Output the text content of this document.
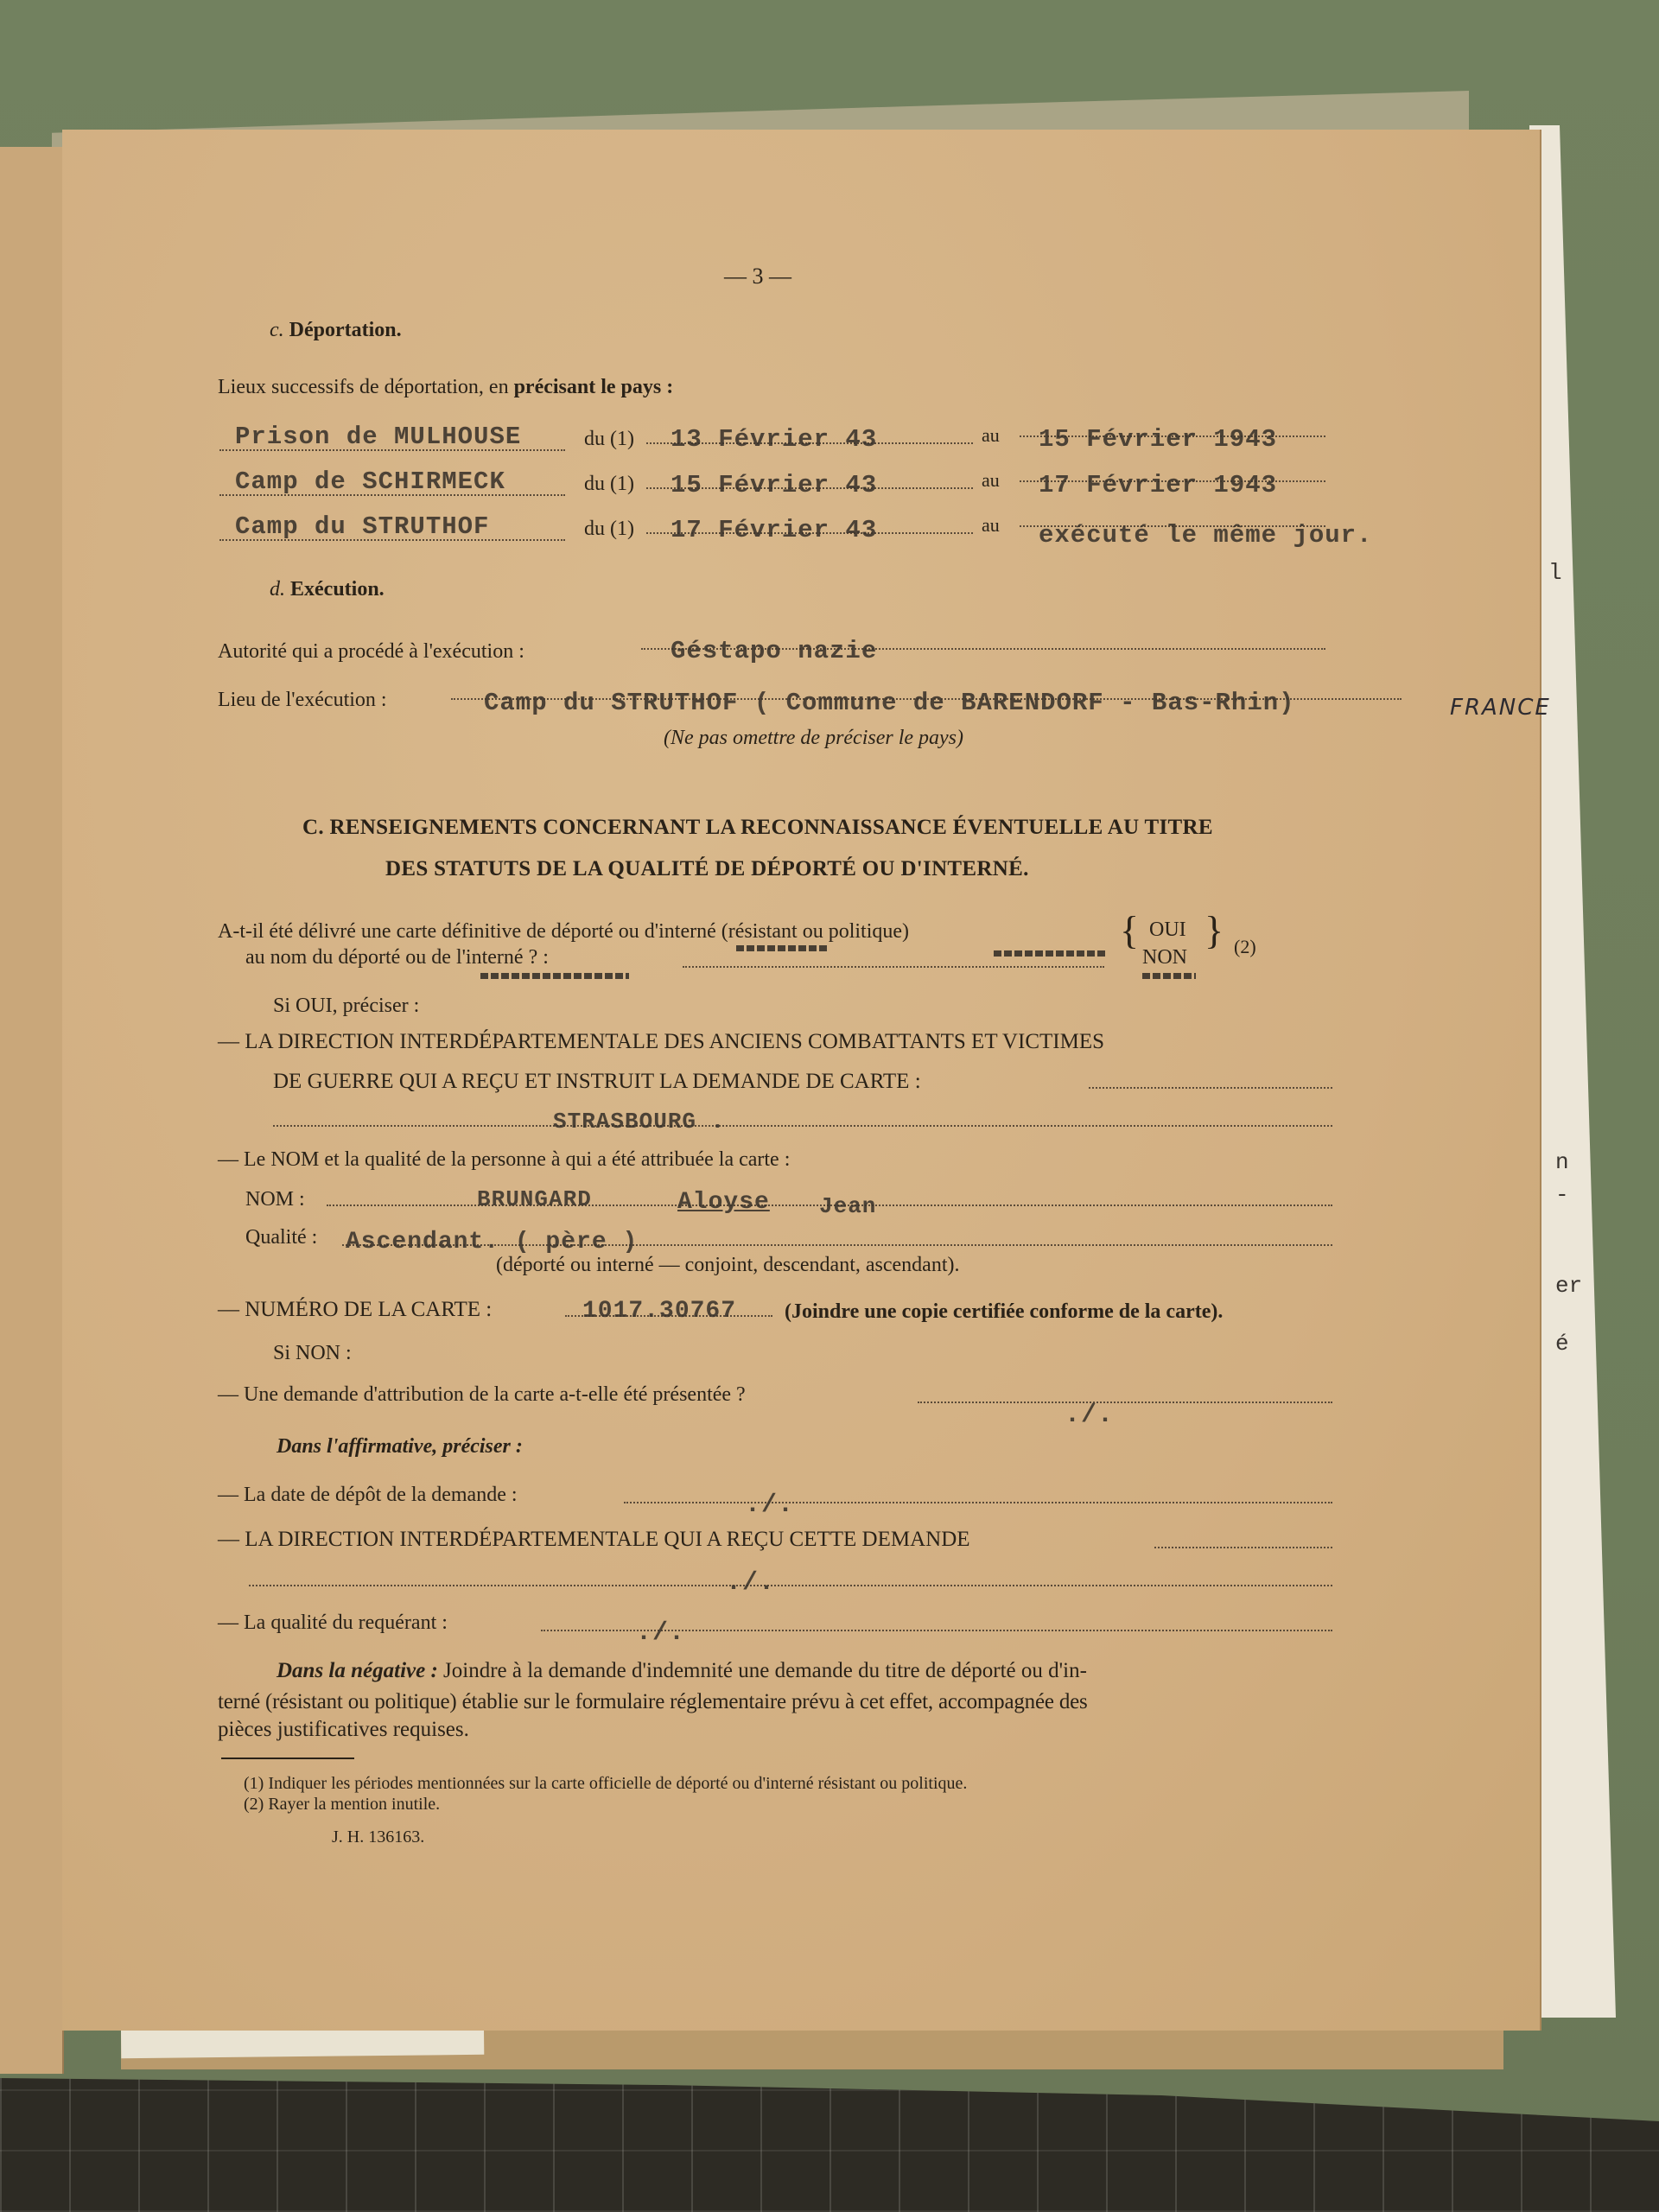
l
n
-
er
é
— 3 —
c. Déportation.
Lieux successifs de déportation, en précisant le pays :
Prison de MULHOUSE	du (1) 13 Février 43	au 15 Février 1943
Camp de SCHIRMECK	du (1) 15 Février 43	au 17 Février 1943
Camp du STRUTHOF	du (1) 17 Février 43	au exécuté le même jour.
d. Exécution.
Autorité qui a procédé à l'exécution :	Géstapo nazie
Lieu de l'exécution :	Camp du STRUTHOF ( Commune de BARENDORF - Bas-Rhin)	FRANCE
(Ne pas omettre de préciser le pays)
C. RENSEIGNEMENTS CONCERNANT LA RECONNAISSANCE ÉVENTUELLE AU TITRE
DES STATUTS DE LA QUALITÉ DE DÉPORTÉ OU D'INTERNÉ.
A-t-il été délivré une carte définitive de déporté ou d'interné (résistant ou politique)
au nom du déporté ou de l'interné ? :
{ OUI
NON
} (2)
Si OUI, préciser :
— LA DIRECTION INTERDÉPARTEMENTALE DES ANCIENS COMBATTANTS ET VICTIMES
DE GUERRE QUI A REÇU ET INSTRUIT LA DEMANDE DE CARTE :
STRASBOURG .
— Le NOM et la qualité de la personne à qui a été attribuée la carte :
NOM :	BRUNGARD	Aloyse Jean
Qualité : Ascendant. ( père )
(déporté ou interné — conjoint, descendant, ascendant).
— NUMÉRO DE LA CARTE :	1017.30767 (Joindre une copie certifiée conforme de la carte).
Si NON :
— Une demande d'attribution de la carte a-t-elle été présentée ?
./.
Dans l'affirmative, préciser :
— La date de dépôt de la demande :	./.
— LA DIRECTION INTERDÉPARTEMENTALE QUI A REÇU CETTE DEMANDE
./.
— La qualité du requérant :	./.
Dans la négative : Joindre à la demande d'indemnité une demande du titre de déporté ou d'in-
terné (résistant ou politique) établie sur le formulaire réglementaire prévu à cet effet, accompagnée des
pièces justificatives requises.
(1) Indiquer les périodes mentionnées sur la carte officielle de déporté ou d'interné résistant ou politique.
(2) Rayer la mention inutile.
J. H. 136163.
